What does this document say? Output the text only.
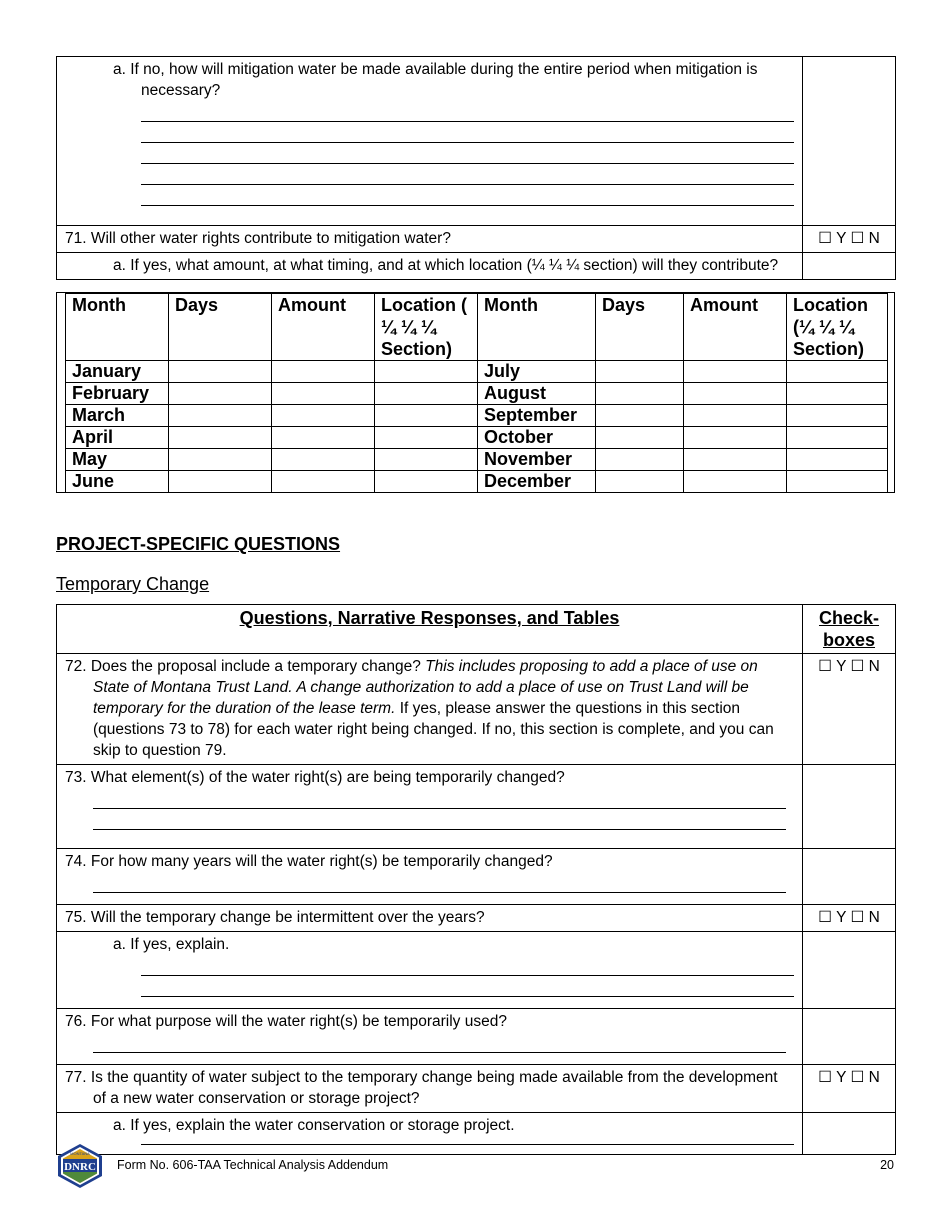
a. If no, how will mitigation water be made available during the entire period when mitigation is necessary?	

71. Will other water rights contribute to mitigation water?	☐ Y ☐ N

a. If yes, what amount, at what timing, and at which location (¼ ¼ ¼ section) will they contribute?	

Month	Days	Amount	Location ( ¼ ¼ ¼ Section)	Month	Days	Amount	Location (¼ ¼ ¼ Section)
January				July			
February				August			
March				September			
April				October			
May				November			
June				December			
PROJECT-SPECIFIC QUESTIONS
Temporary Change
Questions, Narrative Responses, and Tables	Check-boxes

72. Does the proposal include a temporary change? This includes proposing to add a place of use on State of Montana Trust Land. A change authorization to add a place of use on Trust Land will be temporary for the duration of the lease term. If yes, please answer the questions in this section (questions 73 to 78) for each water right being changed. If no, this section is complete, and you can skip to question 79.	☐ Y ☐ N

73. What element(s) of the water right(s) are being temporarily changed?	

74. For how many years will the water right(s) be temporarily changed?	

75. Will the temporary change be intermittent over the years?	☐ Y ☐ N

a. If yes, explain.	

76. For what purpose will the water right(s) be temporarily used?	

77. Is the quantity of water subject to the temporary change being made available from the development of a new water conservation or storage project?	☐ Y ☐ N

a. If yes, explain the water conservation or storage project.	

DNRC
MONTANA
Form No. 606-TAA Technical Analysis Addendum	20
